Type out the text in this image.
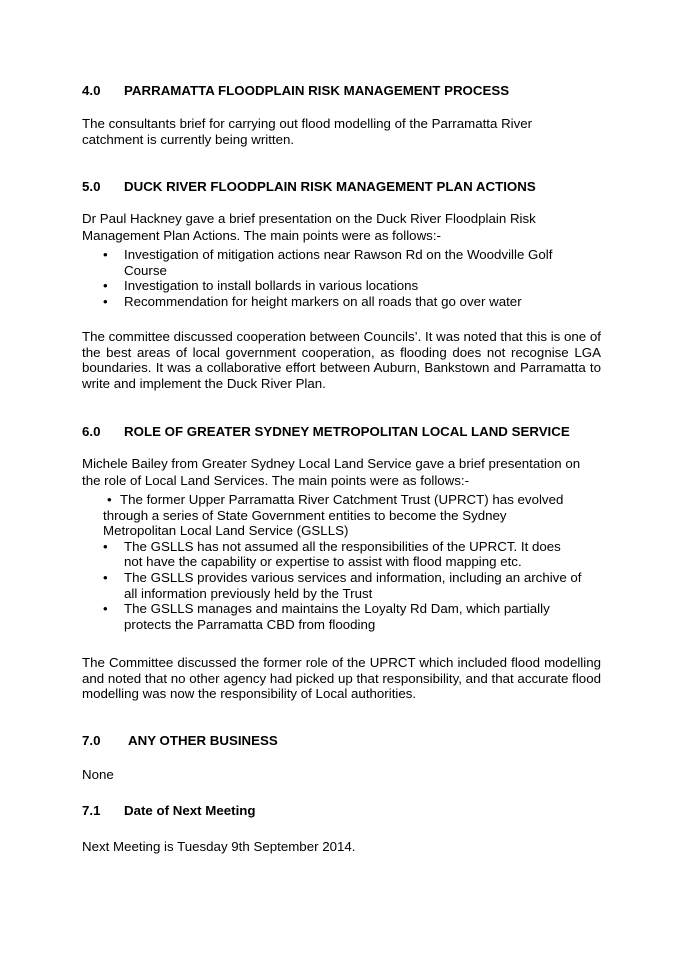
4.0 PARRAMATTA FLOODPLAIN RISK MANAGEMENT PROCESS
The consultants brief for carrying out flood modelling of the Parramatta River catchment is currently being written.
5.0 DUCK RIVER FLOODPLAIN RISK MANAGEMENT PLAN ACTIONS
Dr Paul Hackney gave a brief presentation on the Duck River Floodplain Risk Management Plan Actions. The main points were as follows:-
• Investigation of mitigation actions near Rawson Rd on the Woodville Golf Course
• Investigation to install bollards in various locations
• Recommendation for height markers on all roads that go over water
The committee discussed cooperation between Councils’. It was noted that this is one of the best areas of local government cooperation, as flooding does not recognise LGA boundaries. It was a collaborative effort between Auburn, Bankstown and Parramatta to write and implement the Duck River Plan.
6.0 ROLE OF GREATER SYDNEY METROPOLITAN LOCAL LAND SERVICE
Michele Bailey from Greater Sydney Local Land Service gave a brief presentation on the role of Local Land Services. The main points were as follows:-
• The former Upper Parramatta River Catchment Trust (UPRCT) has evolved through a series of State Government entities to become the Sydney Metropolitan Local Land Service (GSLLS)
• The GSLLS has not assumed all the responsibilities of the UPRCT. It does not have the capability or expertise to assist with flood mapping etc.
• The GSLLS provides various services and information, including an archive of all information previously held by the Trust
• The GSLLS manages and maintains the Loyalty Rd Dam, which partially protects the Parramatta CBD from flooding
The Committee discussed the former role of the UPRCT which included flood modelling and noted that no other agency had picked up that responsibility, and that accurate flood modelling was now the responsibility of Local authorities.
7.0 ANY OTHER BUSINESS
None
7.1 Date of Next Meeting
Next Meeting is Tuesday 9th September 2014.
